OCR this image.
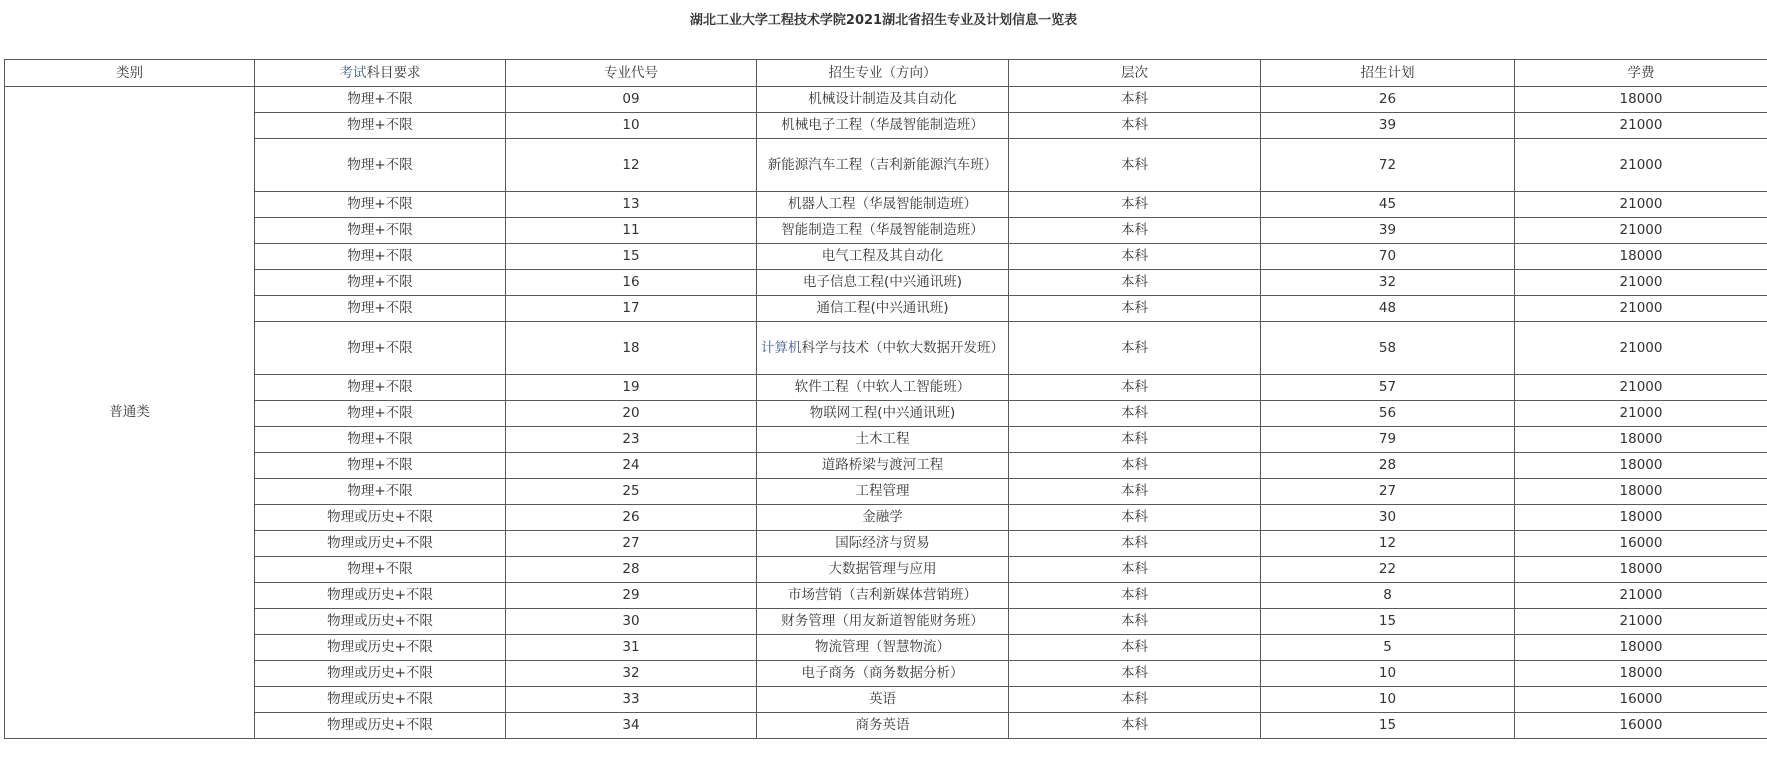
湖北工业大学工程技术学院2021湖北省招生专业及计划信息一览表
类别	考试科目要求	专业代号	招生专业（方向）	层次	招生计划	学费
普通类	物理+不限	09	机械设计制造及其自动化	本科	26	18000
	物理+不限	10	机械电子工程（华晟智能制造班）	本科	39	21000
	物理+不限	12	新能源汽车工程（吉利新能源汽车班）	本科	72	21000
	物理+不限	13	机器人工程（华晟智能制造班）	本科	45	21000
	物理+不限	11	智能制造工程（华晟智能制造班）	本科	39	21000
	物理+不限	15	电气工程及其自动化	本科	70	18000
	物理+不限	16	电子信息工程(中兴通讯班)	本科	32	21000
	物理+不限	17	通信工程(中兴通讯班)	本科	48	21000
	物理+不限	18	计算机科学与技术（中软大数据开发班）	本科	58	21000
	物理+不限	19	软件工程（中软人工智能班）	本科	57	21000
	物理+不限	20	物联网工程(中兴通讯班)	本科	56	21000
	物理+不限	23	土木工程	本科	79	18000
	物理+不限	24	道路桥梁与渡河工程	本科	28	18000
	物理+不限	25	工程管理	本科	27	18000
	物理或历史+不限	26	金融学	本科	30	18000
	物理或历史+不限	27	国际经济与贸易	本科	12	16000
	物理+不限	28	大数据管理与应用	本科	22	18000
	物理或历史+不限	29	市场营销（吉利新媒体营销班）	本科	8	21000
	物理或历史+不限	30	财务管理（用友新道智能财务班）	本科	15	21000
	物理或历史+不限	31	物流管理（智慧物流）	本科	5	18000
	物理或历史+不限	32	电子商务（商务数据分析）	本科	10	18000
	物理或历史+不限	33	英语	本科	10	16000
	物理或历史+不限	34	商务英语	本科	15	16000
